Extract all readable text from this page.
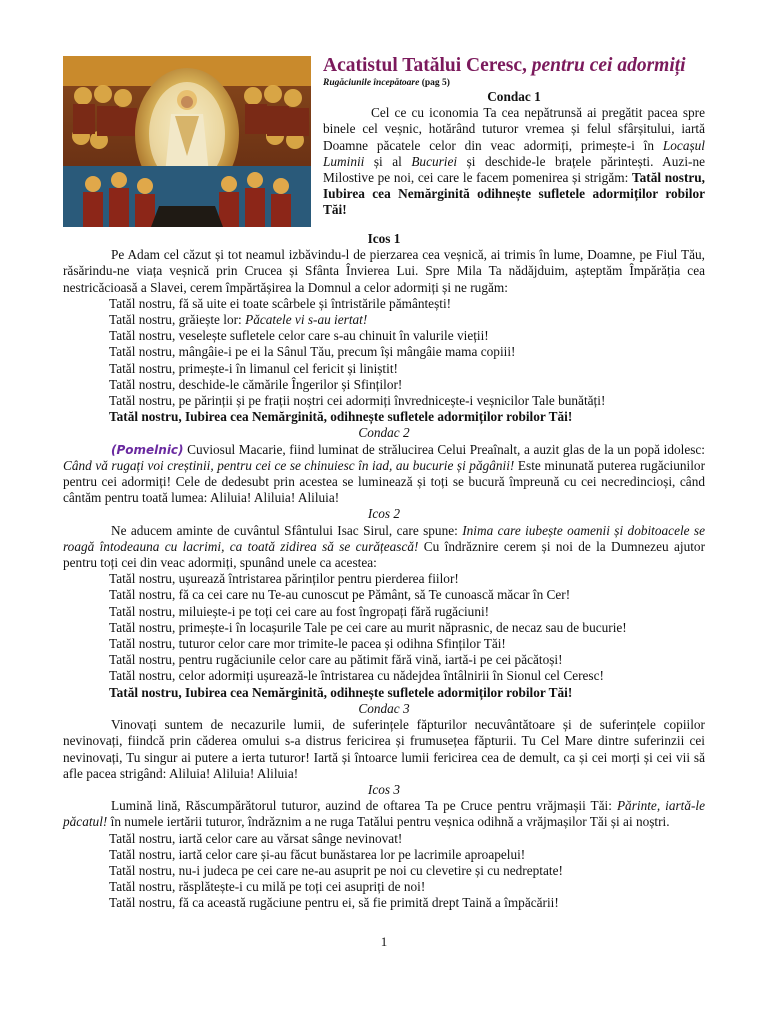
Acatistul Tatălui Ceresc, pentru cei adormiți
Rugăciunile începătoare (pag 5)
Condac 1
Cel ce cu iconomia Ta cea nepătrunsă ai pregătit pacea spre binele cel veșnic, hotărând tuturor vremea și felul sfârșitului, iartă Doamne păcatele celor din veac adormiți, primește-i în Locașul Luminii și al Bucuriei și deschide-le brațele părintești. Auzi-ne Milostive pe noi, cei care le facem pomenirea și strigăm: Tatăl nostru, Iubirea cea Nemărginită odihnește sufletele adormiților robilor Tăi!
Icos 1
Pe Adam cel căzut și tot neamul izbăvindu-l de pierzarea cea veșnică, ai trimis în lume, Doamne, pe Fiul Tău, răsărindu-ne viața veșnică prin Crucea și Sfânta Învierea Lui. Spre Mila Ta nădăjduim, așteptăm Împărăția cea nestricăcioasă a Slavei, cerem împărtășirea la Domnul a celor adormiți și ne rugăm:
Tatăl nostru, fă să uite ei toate scârbele și întristările pământești!
Tatăl nostru, grăiește lor: Păcatele vi s-au iertat!
Tatăl nostru, veselește sufletele celor care s-au chinuit în valurile vieții!
Tatăl nostru, mângâie-i pe ei la Sânul Tău, precum își mângâie mama copiii!
Tatăl nostru, primește-i în limanul cel fericit și liniștit!
Tatăl nostru, deschide-le cămările Îngerilor și Sfinților!
Tatăl nostru, pe părinții și pe frații noștri cei adormiți învrednicește-i veșnicilor Tale bunătăți!
Tatăl nostru, Iubirea cea Nemărginită, odihnește sufletele adormiților robilor Tăi!
Condac 2
(Pomelnic) Cuviosul Macarie, fiind luminat de strălucirea Celui Preaînalt, a auzit glas de la un popă idolesc: Când vă rugați voi creștinii, pentru cei ce se chinuiesc în iad, au bucurie și păgânii! Este minunată puterea rugăciunilor pentru cei adormiți! Cele de dedesubt prin acestea se luminează și toți se bucură împreună cu cei necredincioși, când cântăm pentru toată lumea: Aliluia! Aliluia! Aliluia!
Icos 2
Ne aducem aminte de cuvântul Sfântului Isac Sirul, care spune: Inima care iubește oamenii și dobitoacele se roagă întodeauna cu lacrimi, ca toată zidirea să se curățească! Cu îndrăznire cerem și noi de la Dumnezeu ajutor pentru toți cei din veac adormiți, spunând unele ca acestea:
Tatăl nostru, ușurează întristarea părinților pentru pierderea fiilor!
Tatăl nostru, fă ca cei care nu Te-au cunoscut pe Pământ, să Te cunoască măcar în Cer!
Tatăl nostru, miluiește-i pe toți cei care au fost îngropați fără rugăciuni!
Tatăl nostru, primește-i în locașurile Tale pe cei care au murit năprasnic, de necaz sau de bucurie!
Tatăl nostru, tuturor celor care mor trimite-le pacea și odihna Sfinților Tăi!
Tatăl nostru, pentru rugăciunile celor care au pătimit fără vină, iartă-i pe cei păcătoși!
Tatăl nostru, celor adormiți ușurează-le întristarea cu nădejdea întâlnirii în Sionul cel Ceresc!
Tatăl nostru, Iubirea cea Nemărginită, odihnește sufletele adormiților robilor Tăi!
Condac 3
Vinovați suntem de necazurile lumii, de suferințele făpturilor necuvântătoare și de suferințele copiilor nevinovați, fiindcă prin căderea omului s-a distrus fericirea și frumusețea făpturii. Tu Cel Mare dintre suferinzii cei nevinovați, Tu singur ai putere a ierta tuturor! Iartă și întoarce lumii fericirea cea de demult, ca și cei morți și cei vii să afle pacea strigând: Aliluia! Aliluia! Aliluia!
Icos 3
Lumină lină, Răscumpărătorul tuturor, auzind de oftarea Ta pe Cruce pentru vrăjmașii Tăi: Părinte, iartă-le păcatul! în numele iertării tuturor, îndrăznim a ne ruga Tatălui pentru veșnica odihnă a vrăjmașilor Tăi și ai noștri.
Tatăl nostru, iartă celor care au vărsat sânge nevinovat!
Tatăl nostru, iartă celor care și-au făcut bunăstarea lor pe lacrimile aproapelui!
Tatăl nostru, nu-i judeca pe cei care ne-au asuprit pe noi cu clevetire și cu nedreptate!
Tatăl nostru, răsplătește-i cu milă pe toți cei asupriți de noi!
Tatăl nostru, fă ca această rugăciune pentru ei, să fie primită drept Taină a împăcării!
1
